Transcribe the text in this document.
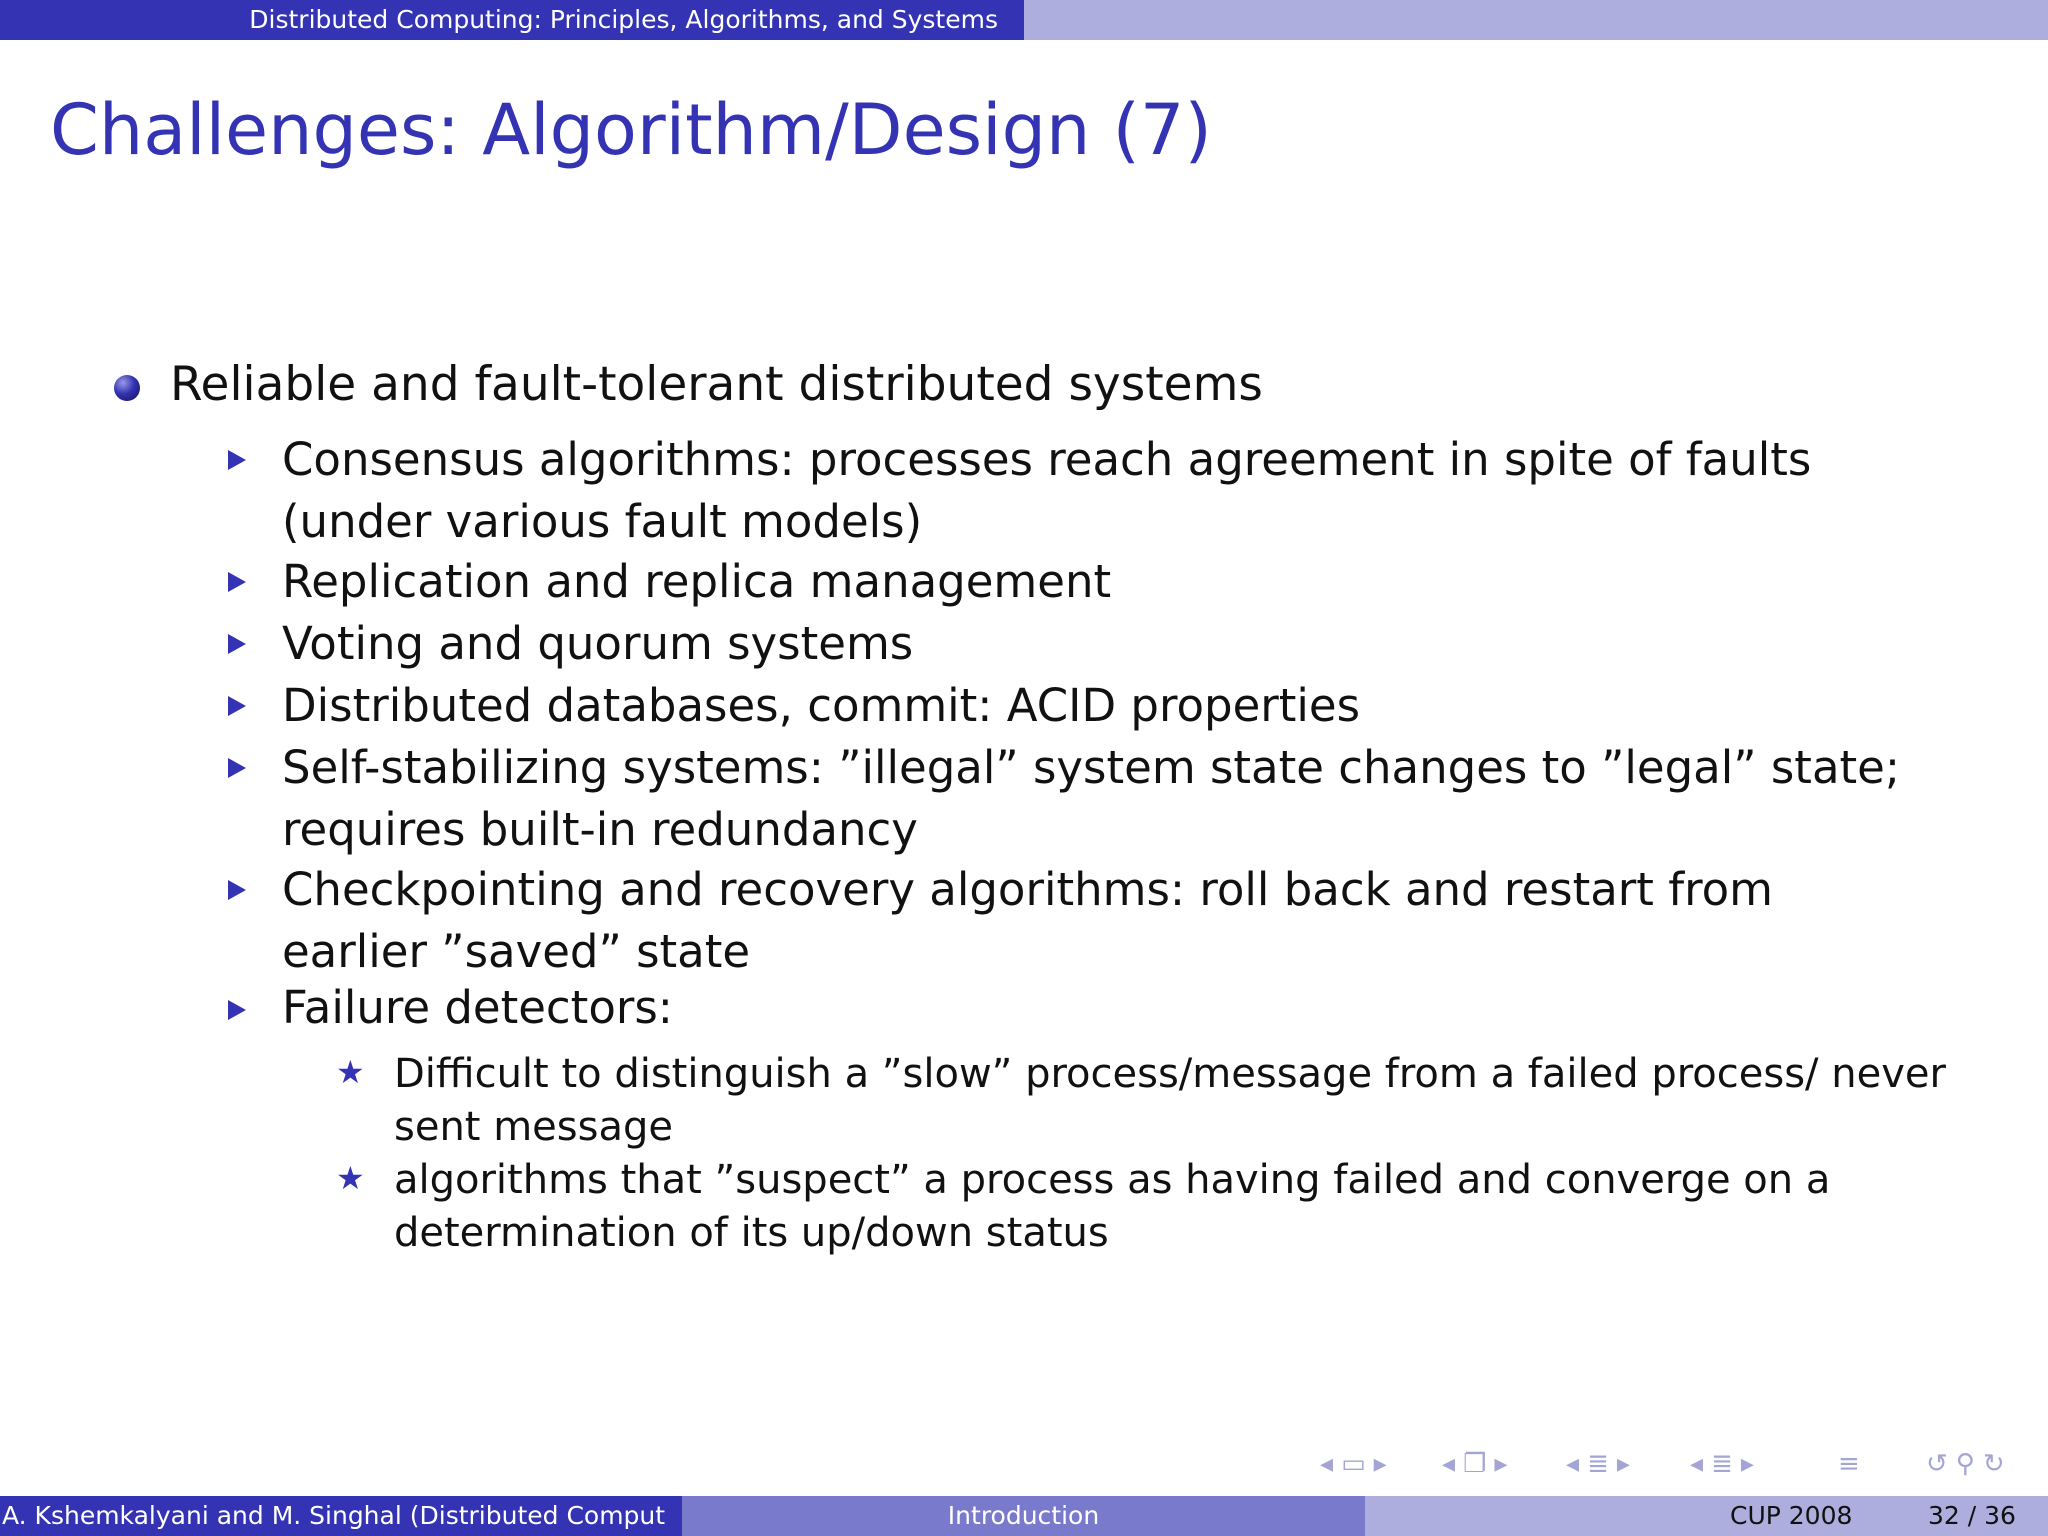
Distributed Computing: Principles, Algorithms, and Systems
Challenges: Algorithm/Design (7)
Reliable and fault-tolerant distributed systems
Consensus algorithms: processes reach agreement in spite of faults (under various fault models)
Replication and replica management
Voting and quorum systems
Distributed databases, commit: ACID properties
Self-stabilizing systems: ”illegal” system state changes to ”legal” state; requires built-in redundancy
Checkpointing and recovery algorithms: roll back and restart from earlier ”saved” state
Failure detectors:
★ Difficult to distinguish a ”slow” process/message from a failed process/ never sent message
★ algorithms that ”suspect” a process as having failed and converge on a determination of its up/down status
◂ ▭ ▸ ◂ ❐ ▸ ◂ ≣ ▸ ◂ ≣ ▸	≡	↺ ⚲ ↻
A. Kshemkalyani and M. Singhal (Distributed Comput	Introduction	CUP 2008	32 / 36
